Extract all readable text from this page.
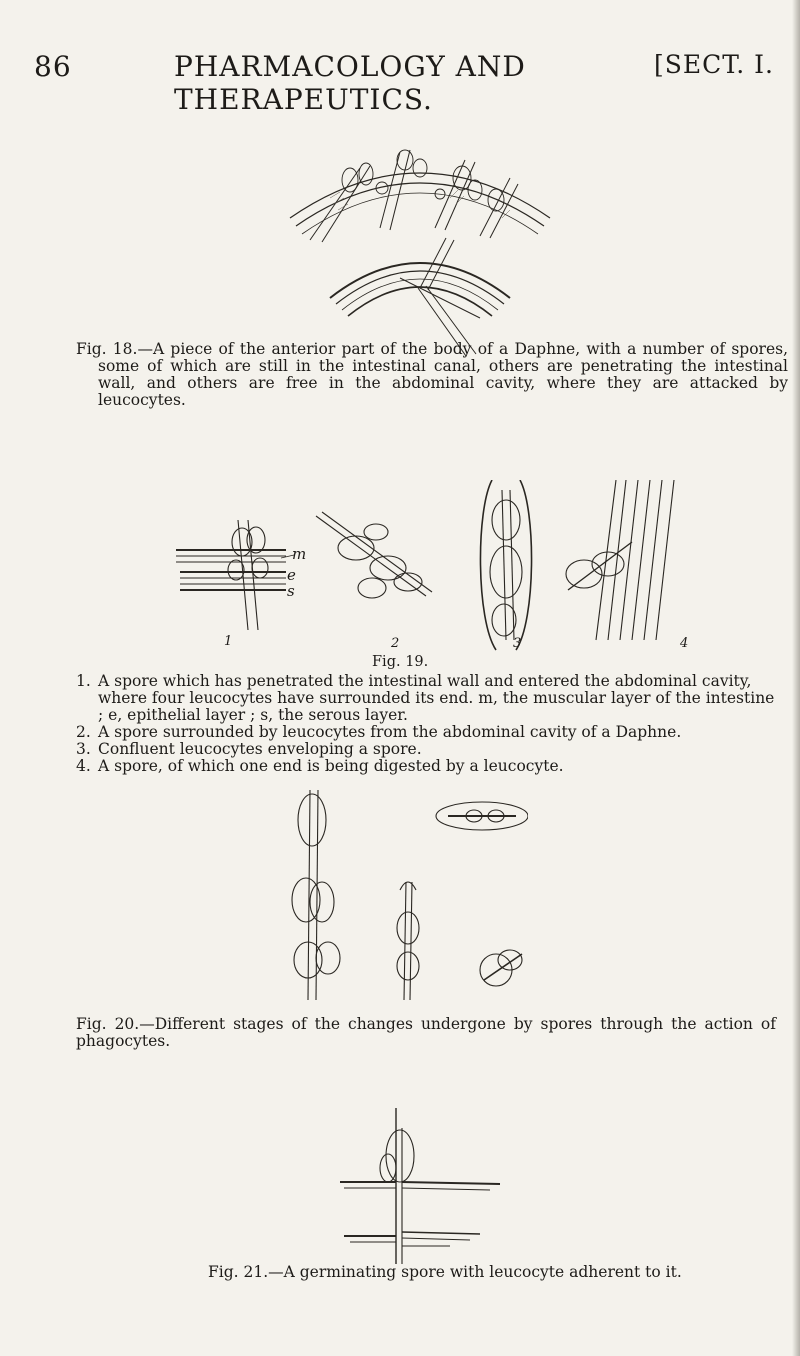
86	PHARMACOLOGY AND THERAPEUTICS.
[SECT. I.
Fig. 18.—A piece of the anterior part of the body of a Daphne, with a number of spores, some of which are still in the intestinal canal, others are penetrating the intestinal wall, and others are free in the abdominal cavity, where they are attacked by leucocytes.
m
e
s
1	2	3	4
Fig. 19.
1. A spore which has penetrated the intestinal wall and entered the abdominal cavity, where four leucocytes have surrounded its end. m, the muscular layer of the intestine ; e, epithelial layer ; s, the serous layer.
2. A spore surrounded by leucocytes from the abdominal cavity of a Daphne.
3. Confluent leucocytes enveloping a spore.
4. A spore, of which one end is being digested by a leucocyte.
Fig. 20.—Different stages of the changes undergone by spores through the action of phagocytes.
Fig. 21.—A germinating spore with leucocyte adherent to it.
